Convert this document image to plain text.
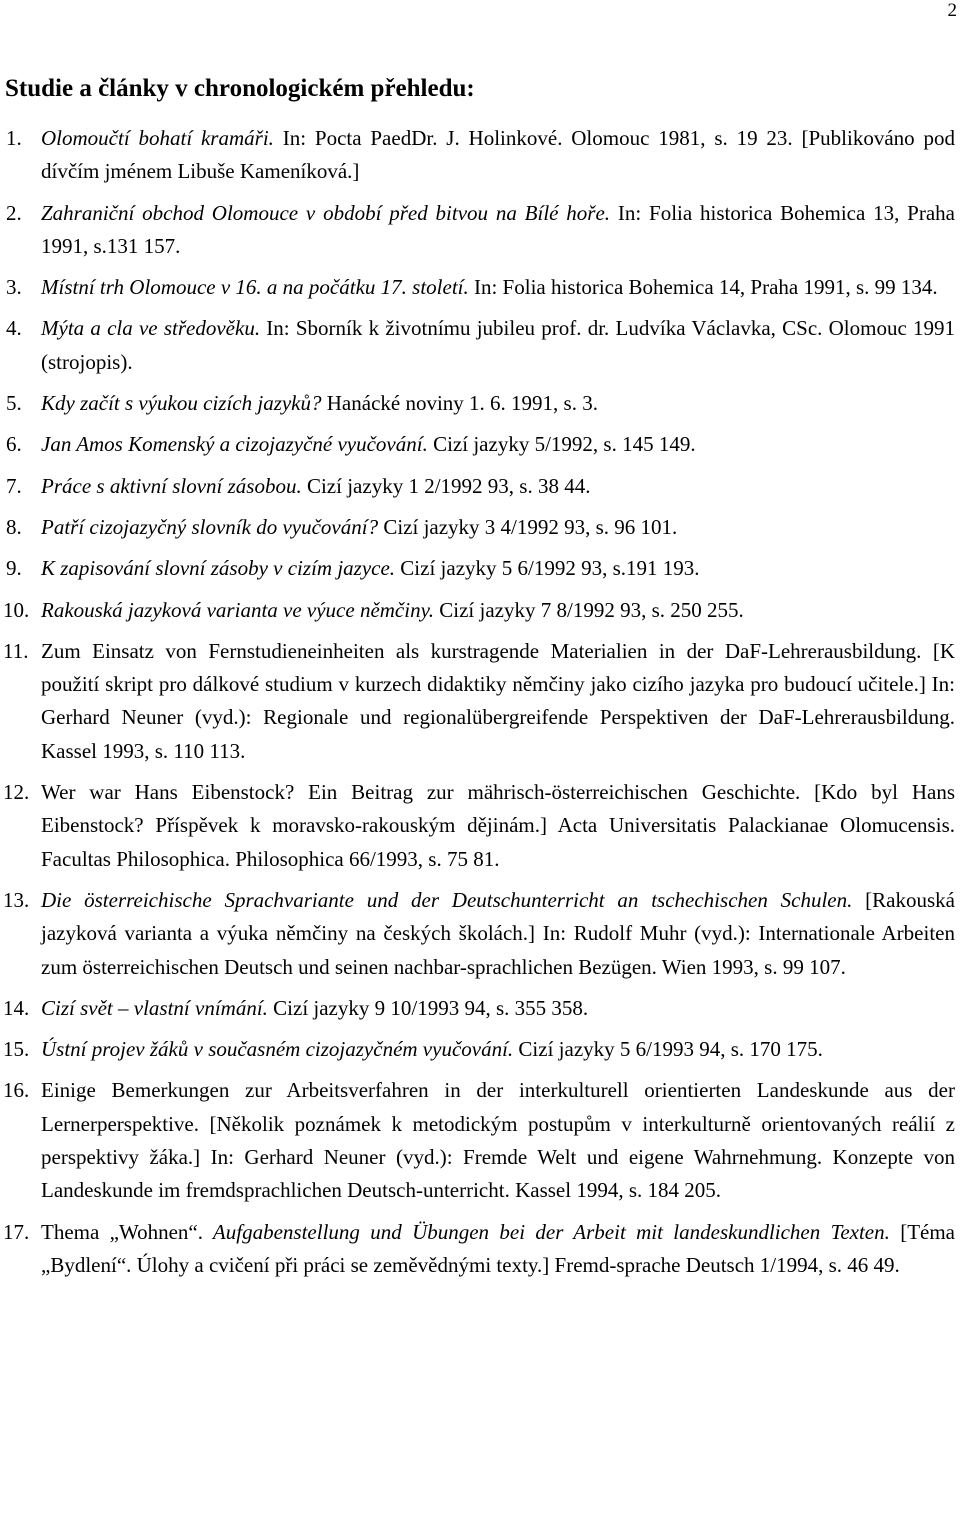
2
Studie a články v chronologickém přehledu:
1. Olomoučtí bohatí kramáři. In: Pocta PaedDr. J. Holinkové. Olomouc 1981, s. 19 23. [Publikováno pod dívčím jménem Libuše Kameníková.]
2. Zahraniční obchod Olomouce v období před bitvou na Bílé hoře. In: Folia historica Bohemica 13, Praha 1991, s.131 157.
3. Místní trh Olomouce v 16. a na počátku 17. století. In: Folia historica Bohemica 14, Praha 1991, s. 99 134.
4. Mýta a cla ve středověku. In: Sborník k životnímu jubileu prof. dr. Ludvíka Václavka, CSc. Olomouc 1991 (strojopis).
5. Kdy začít s výukou cizích jazyků? Hanácké noviny 1. 6. 1991, s. 3.
6. Jan Amos Komenský a cizojazyčné vyučování. Cizí jazyky 5/1992, s. 145 149.
7. Práce s aktivní slovní zásobou. Cizí jazyky 1 2/1992 93, s. 38 44.
8. Patří cizojazyčný slovník do vyučování? Cizí jazyky 3 4/1992 93, s. 96 101.
9. K zapisování slovní zásoby v cizím jazyce. Cizí jazyky 5 6/1992 93, s.191 193.
10. Rakouská jazyková varianta ve výuce němčiny. Cizí jazyky 7 8/1992 93, s. 250 255.
11. Zum Einsatz von Fernstudieneinheiten als kurstragende Materialien in der DaF-Lehrerausbildung. [K použití skript pro dálkové studium v kurzech didaktiky němčiny jako cizího jazyka pro budoucí učitele.] In: Gerhard Neuner (vyd.): Regionale und regionalübergreifende Perspektiven der DaF-Lehrerausbildung. Kassel 1993, s. 110 113.
12. Wer war Hans Eibenstock? Ein Beitrag zur mährisch-österreichischen Geschichte. [Kdo byl Hans Eibenstock? Příspěvek k moravsko-rakouským dějinám.] Acta Universitatis Palackianae Olomucensis. Facultas Philosophica. Philosophica 66/1993, s. 75 81.
13. Die österreichische Sprachvariante und der Deutschunterricht an tschechischen Schulen. [Rakouská jazyková varianta a výuka němčiny na českých školách.] In: Rudolf Muhr (vyd.): Internationale Arbeiten zum österreichischen Deutsch und seinen nachbar-sprachlichen Bezügen. Wien 1993, s. 99 107.
14. Cizí svět – vlastní vnímání. Cizí jazyky 9 10/1993 94, s. 355 358.
15. Ústní projev žáků v současném cizojazyčném vyučování. Cizí jazyky 5 6/1993 94, s. 170 175.
16. Einige Bemerkungen zur Arbeitsverfahren in der interkulturell orientierten Landeskunde aus der Lernerperspektive. [Několik poznámek k metodickým postupům v interkulturně orientovaných reálií z perspektivy žáka.] In: Gerhard Neuner (vyd.): Fremde Welt und eigene Wahrnehmung. Konzepte von Landeskunde im fremdsprachlichen Deutsch-unterricht. Kassel 1994, s. 184 205.
17. Thema „Wohnen“. Aufgabenstellung und Übungen bei der Arbeit mit landeskundlichen Texten. [Téma „Bydlení“. Úlohy a cvičení při práci se zeměvědnými texty.] Fremd-sprache Deutsch 1/1994, s. 46 49.
